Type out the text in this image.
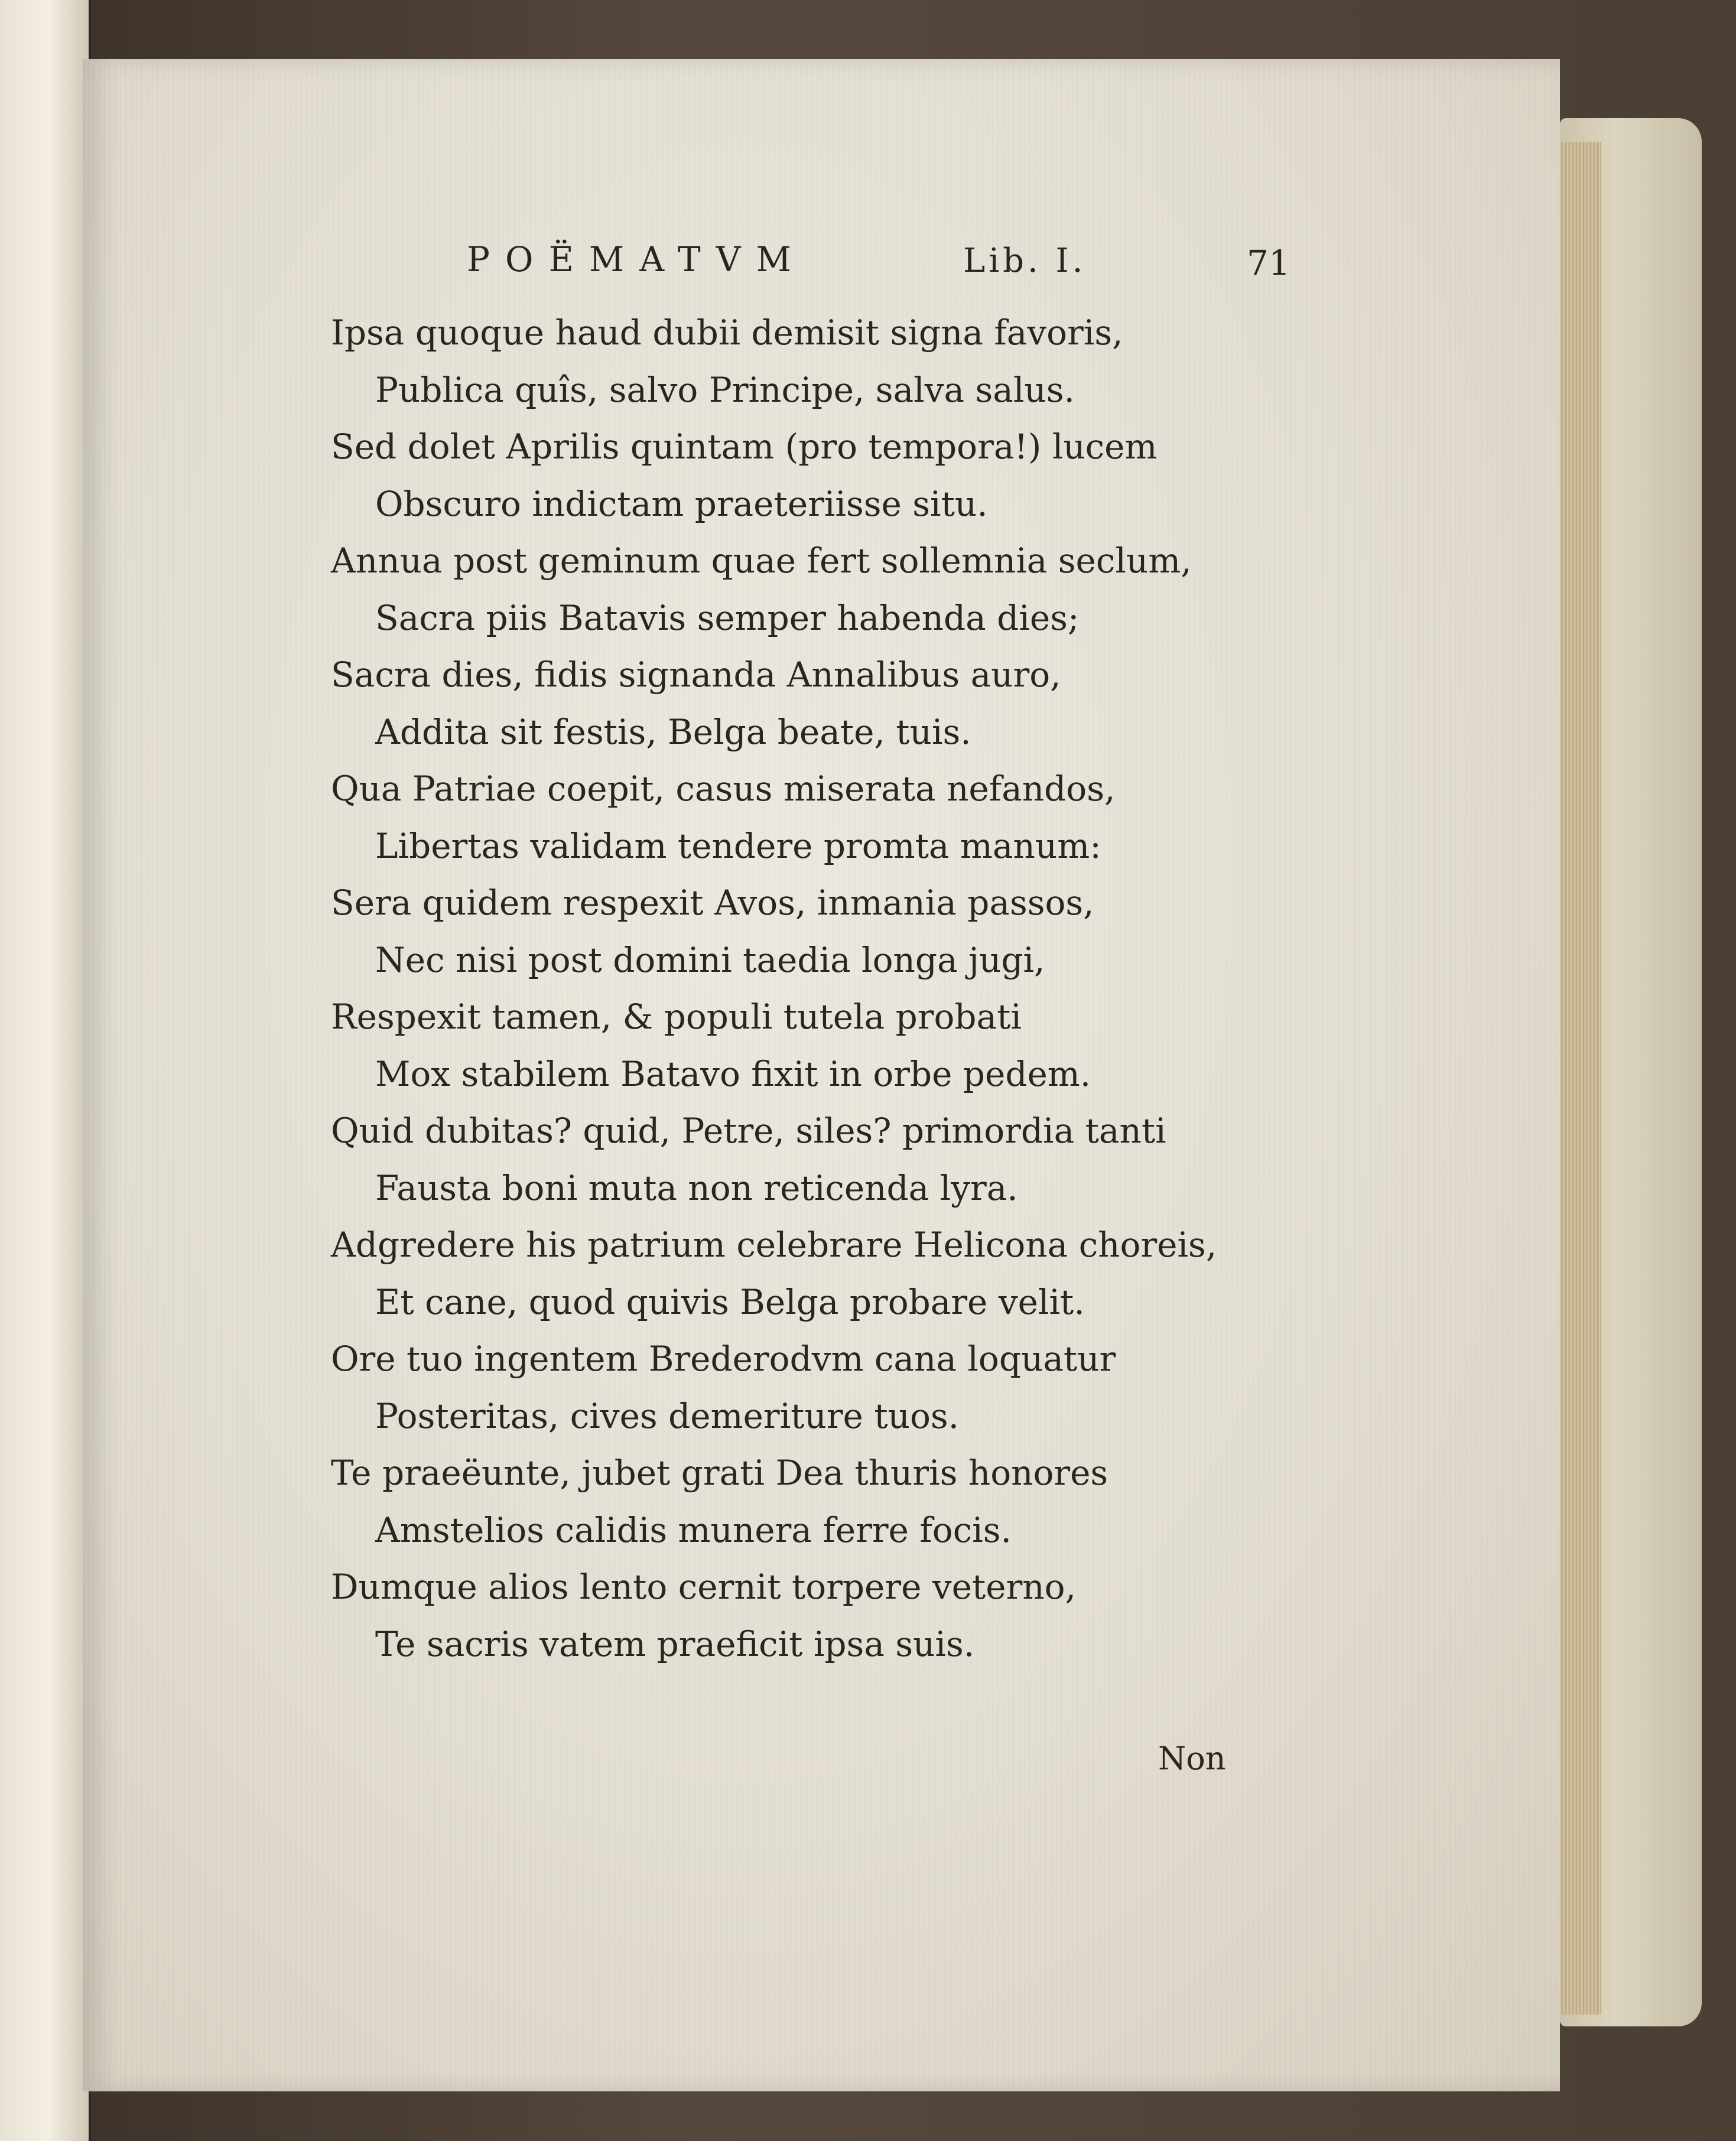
POËMATVM	Lib. I.	71
Ipsa quoque haud dubii demisit signa favoris,
Publica quîs, salvo Principe, salva salus.
Sed dolet Aprilis quintam (pro tempora!) lucem
Obscuro indictam praeteriisse situ.
Annua post geminum quae fert sollemnia seclum,
Sacra piis Batavis semper habenda dies;
Sacra dies, fidis signanda Annalibus auro,
Addita sit festis, Belga beate, tuis.
Qua Patriae coepit, casus miserata nefandos,
Libertas validam tendere promta manum:
Sera quidem respexit Avos, inmania passos,
Nec nisi post domini taedia longa jugi,
Respexit tamen, & populi tutela probati
Mox stabilem Batavo fixit in orbe pedem.
Quid dubitas? quid, Petre, siles? primordia tanti
Fausta boni muta non reticenda lyra.
Adgredere his patrium celebrare Helicona choreis,
Et cane, quod quivis Belga probare velit.
Ore tuo ingentem Brederodvm cana loquatur
Posteritas, cives demeriture tuos.
Te praeëunte, jubet grati Dea thuris honores
Amstelios calidis munera ferre focis.
Dumque alios lento cernit torpere veterno,
Te sacris vatem praeficit ipsa suis.
Non
